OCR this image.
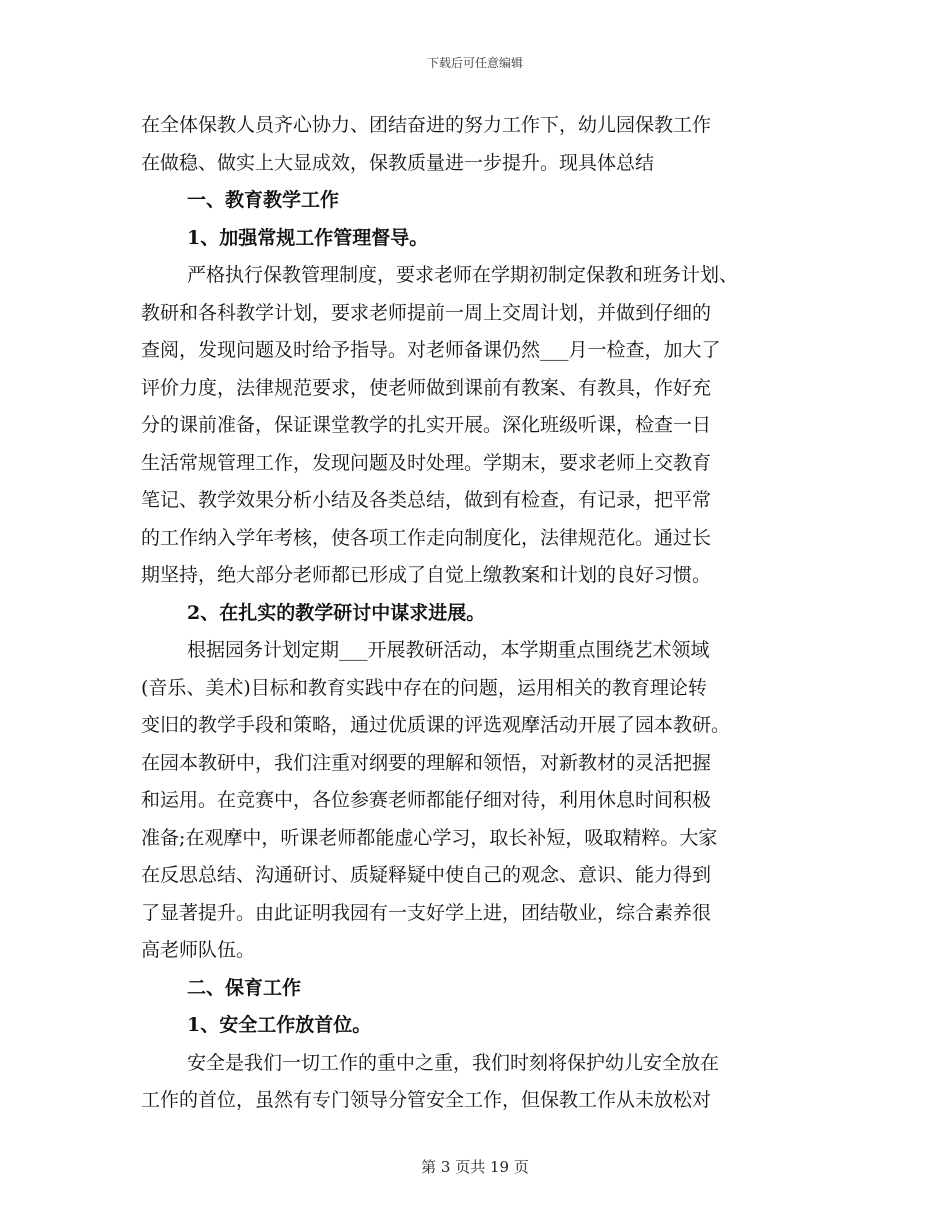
下载后可任意编辑
在全体保教人员齐心协力、团结奋进的努力工作下，幼儿园保教工作
在做稳、做实上大显成效，保教质量进一步提升。现具体总结
一、教育教学工作
1、加强常规工作管理督导。
严格执行保教管理制度，要求老师在学期初制定保教和班务计划、
教研和各科教学计划，要求老师提前一周上交周计划，并做到仔细的
查阅，发现问题及时给予指导。对老师备课仍然___月一检查，加大了
评价力度，法律规范要求，使老师做到课前有教案、有教具，作好充
分的课前准备，保证课堂教学的扎实开展。深化班级听课，检查一日
生活常规管理工作，发现问题及时处理。学期末，要求老师上交教育
笔记、教学效果分析小结及各类总结，做到有检查，有记录，把平常
的工作纳入学年考核，使各项工作走向制度化，法律规范化。通过长
期坚持，绝大部分老师都已形成了自觉上缴教案和计划的良好习惯。
2、在扎实的教学研讨中谋求进展。
根据园务计划定期___开展教研活动，本学期重点围绕艺术领域
(音乐、美术)目标和教育实践中存在的问题，运用相关的教育理论转
变旧的教学手段和策略，通过优质课的评选观摩活动开展了园本教研。
在园本教研中，我们注重对纲要的理解和领悟，对新教材的灵活把握
和运用。在竞赛中，各位参赛老师都能仔细对待，利用休息时间积极
准备;在观摩中，听课老师都能虚心学习，取长补短，吸取精粹。大家
在反思总结、沟通研讨、质疑释疑中使自己的观念、意识、能力得到
了显著提升。由此证明我园有一支好学上进，团结敬业，综合素养很
高老师队伍。
二、保育工作
1、安全工作放首位。
安全是我们一切工作的重中之重，我们时刻将保护幼儿安全放在
工作的首位，虽然有专门领导分管安全工作，但保教工作从未放松对
第 3 页共 19 页
